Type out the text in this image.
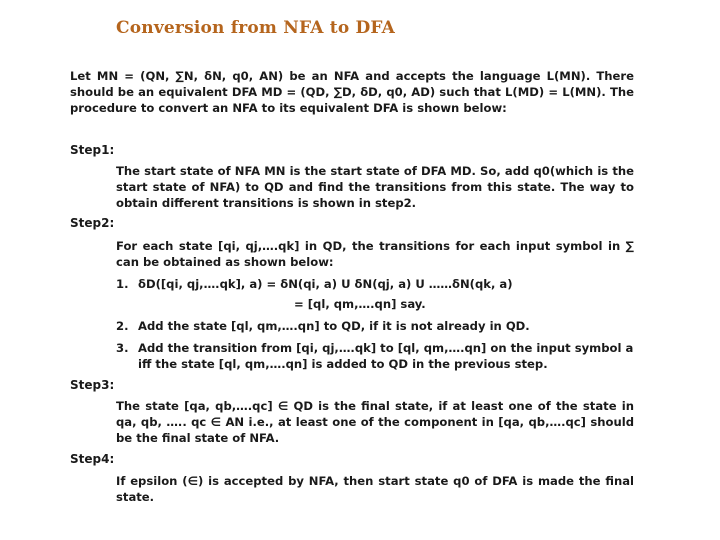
Conversion from NFA to DFA

Let MN = (QN, ∑N, δN, q0, AN) be an NFA and accepts the language L(MN). There should be an equivalent DFA MD = (QD, ∑D, δD, q0, AD) such that L(MD) = L(MN). The procedure to convert an NFA to its equivalent DFA is shown below:

Step1:

The start state of NFA MN is the start state of DFA MD. So, add q0(which is the start state of NFA) to QD and find the transitions from this state. The way to obtain different transitions is shown in step2.

Step2:

For each state [qi, qj,….qk] in QD, the transitions for each input symbol in ∑ can be obtained as shown below:

1. δD([qi, qj,….qk], a) = δN(qi, a) U δN(qj, a) U ……δN(qk, a)

= [ql, qm,….qn] say.

2. Add the state [ql, qm,….qn] to QD, if it is not already in QD.

3. Add the transition from [qi, qj,….qk] to [ql, qm,….qn] on the input symbol a iff the state [ql, qm,….qn] is added to QD in the previous step.

Step3:

The state [qa, qb,….qc] ∈ QD is the final state, if at least one of the state in qa, qb, ….. qc ∈ AN i.e., at least one of the component in [qa, qb,….qc] should be the final state of NFA.

Step4:

If epsilon (∈) is accepted by NFA, then start state q0 of DFA is made the final state.
